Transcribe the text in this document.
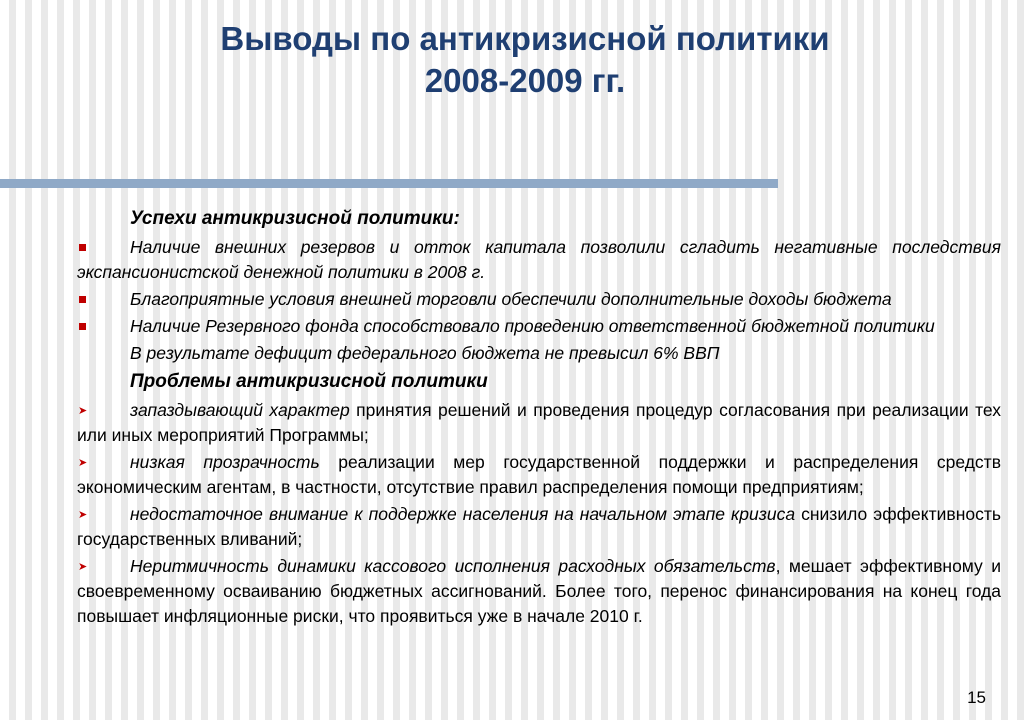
Выводы по антикризисной политики
2008-2009 гг.
Успехи антикризисной политики:
Наличие внешних резервов и отток капитала позволили сгладить негативные последствия экспансионистской денежной политики в 2008 г.
Благоприятные условия внешней торговли обеспечили дополнительные доходы бюджета
Наличие Резервного фонда способствовало проведению ответственной бюджетной политики
В результате дефицит федерального бюджета не превысил 6% ВВП
Проблемы антикризисной политики
➤ запаздывающий характер принятия решений и проведения процедур согласования при реализации тех или иных мероприятий Программы;
➤ низкая прозрачность реализации мер государственной поддержки и распределения средств экономическим агентам, в частности, отсутствие правил распределения помощи предприятиям;
➤ недостаточное внимание к поддержке населения на начальном этапе кризиса снизило эффективность государственных вливаний;
➤ Неритмичность динамики кассового исполнения расходных обязательств, мешает эффективному и своевременному осваиванию бюджетных ассигнований. Более того, перенос финансирования на конец года повышает инфляционные риски, что проявиться уже в начале 2010 г.
15
